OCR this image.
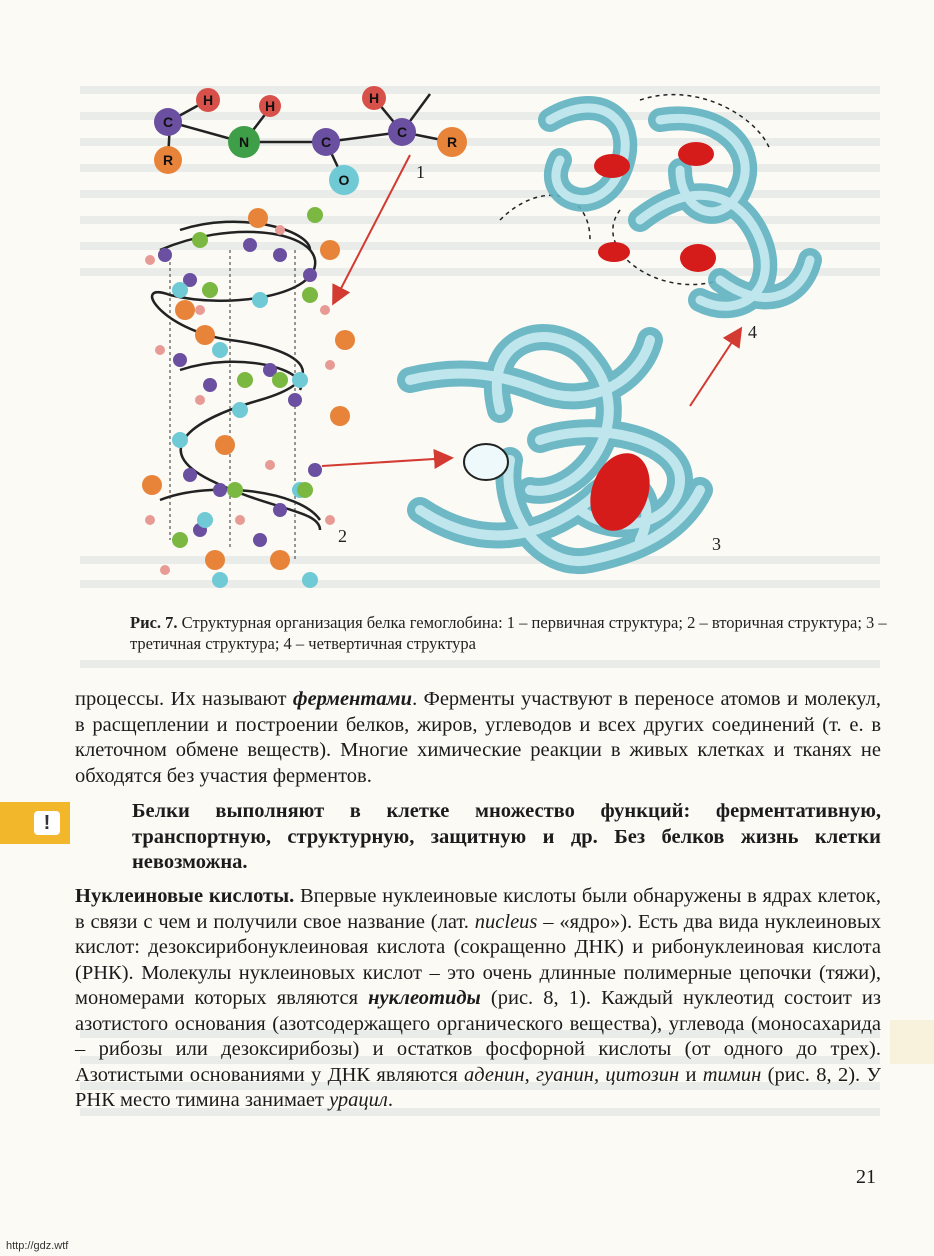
C
H
R
N
H
C
O
C
H
R
1
2	3
4
Рис. 7. Структурная организация белка гемоглобина: 1 – первичная структура; 2 – вторичная структура; 3 – третичная структура; 4 – четвертичная структура
процессы. Их называют ферментами. Ферменты участвуют в переносе атомов и молекул, в расщеплении и построении белков, жиров, углеводов и всех других соединений (т. е. в клеточном обмене веществ). Многие химические реакции в живых клетках и тканях не обходятся без участия ферментов.
!
Белки выполняют в клетке множество функций: ферментативную, транспортную, структурную, защитную и др. Без белков жизнь клетки невозможна.
Нуклеиновые кислоты. Впервые нуклеиновые кислоты были обнаружены в ядрах клеток, в связи с чем и получили свое название (лат. nucleus – «ядро»). Есть два вида нуклеиновых кислот: дезоксирибонуклеиновая кислота (сокращенно ДНК) и рибонуклеиновая кислота (РНК). Молекулы нуклеиновых кислот – это очень длинные полимерные цепочки (тяжи), мономерами которых являются нуклеотиды (рис. 8, 1). Каждый нуклеотид состоит из азотистого основания (азотсодержащего органического вещества), углевода (моносахарида – рибозы или дезоксирибозы) и остатков фосфорной кислоты (от одного до трех). Азотистыми основаниями у ДНК являются аденин, гуанин, цитозин и тимин (рис. 8, 2). У РНК место тимина занимает урацил.
21
http://gdz.wtf
